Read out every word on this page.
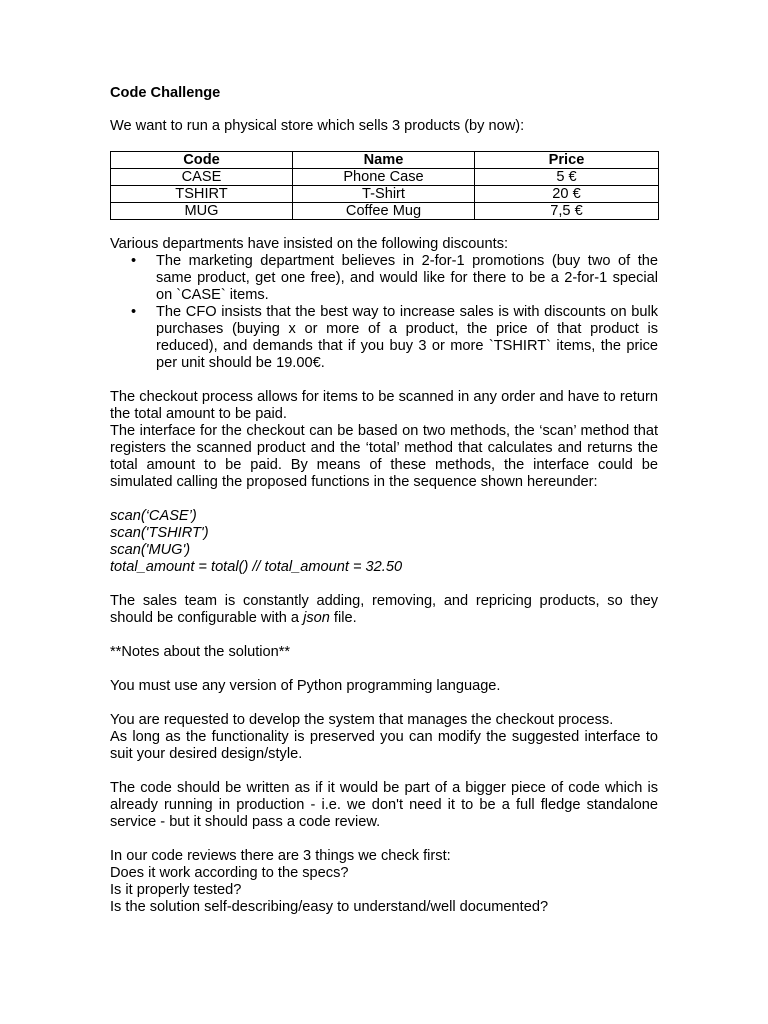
Code Challenge

We want to run a physical store which sells 3 products (by now):

Code	Name	Price
CASE	Phone Case	5 €
TSHIRT	T-Shirt	20 €
MUG	Coffee Mug	7,5 €

Various departments have insisted on the following discounts:

• The marketing department believes in 2-for-1 promotions (buy two of the same product, get one free), and would like for there to be a 2-for-1 special on `CASE` items.
• The CFO insists that the best way to increase sales is with discounts on bulk purchases (buying x or more of a product, the price of that product is reduced), and demands that if you buy 3 or more `TSHIRT` items, the price per unit should be 19.00€.

The checkout process allows for items to be scanned in any order and have to return the total amount to be paid.

The interface for the checkout can be based on two methods, the ‘scan’ method that registers the scanned product and the ‘total’ method that calculates and returns the total amount to be paid. By means of these methods, the interface could be simulated calling the proposed functions in the sequence shown hereunder:

scan(‘CASE’)
scan('TSHIRT')
scan('MUG')
total_amount = total() // total_amount = 32.50

The sales team is constantly adding, removing, and repricing products, so they should be configurable with a json file.

**Notes about the solution**

You must use any version of Python programming language.

You are requested to develop the system that manages the checkout process.

As long as the functionality is preserved you can modify the suggested interface to suit your desired design/style.

The code should be written as if it would be part of a bigger piece of code which is already running in production - i.e. we don't need it to be a full fledge standalone service - but it should pass a code review.

In our code reviews there are 3 things we check first:

Does it work according to the specs?

Is it properly tested?

Is the solution self-describing/easy to understand/well documented?
